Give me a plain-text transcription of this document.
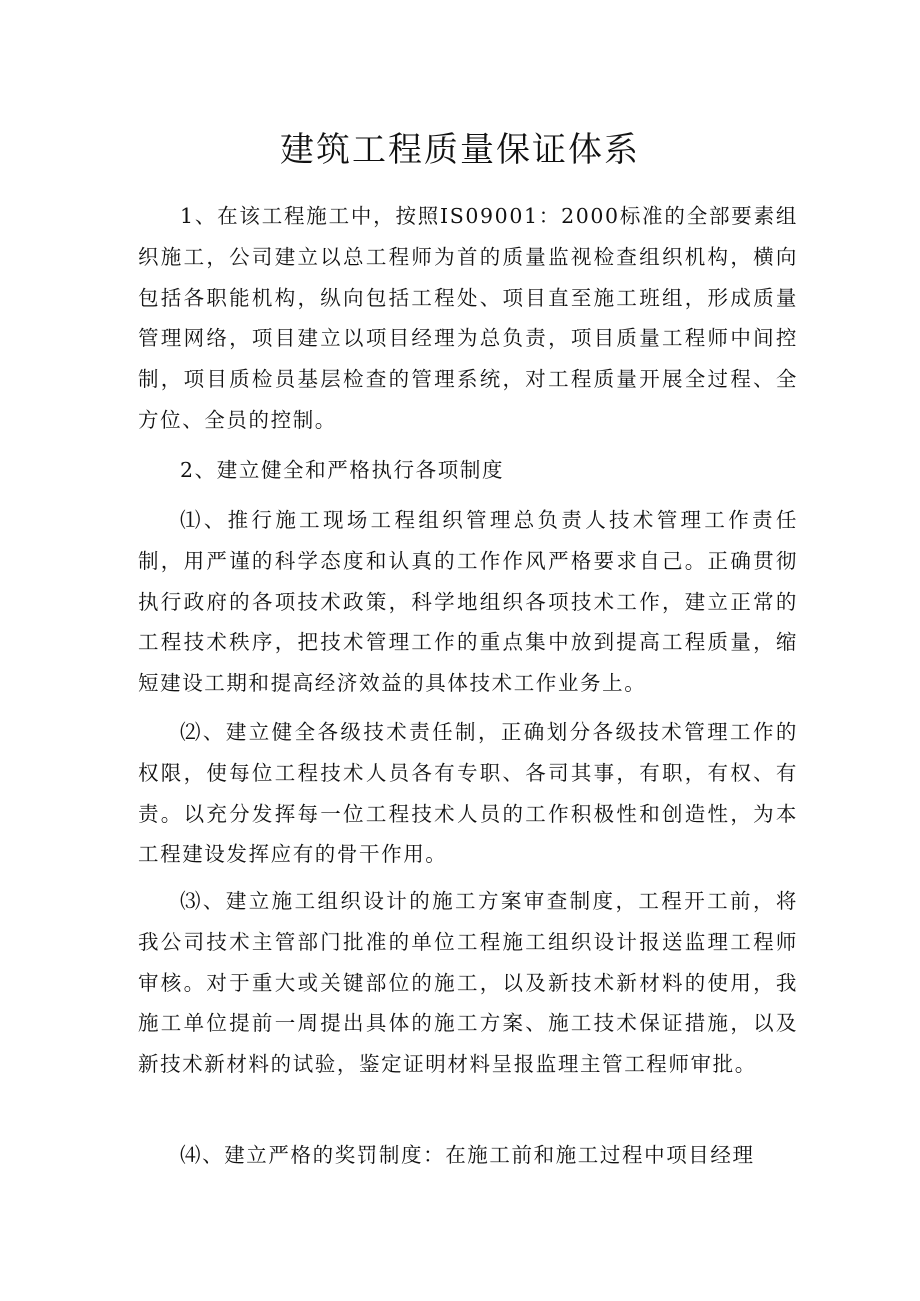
建筑工程质量保证体系

1、在该工程施工中，按照IS09001：2000标准的全部要素组织施工，公司建立以总工程师为首的质量监视检查组织机构，横向包括各职能机构，纵向包括工程处、项目直至施工班组，形成质量管理网络，项目建立以项目经理为总负责，项目质量工程师中间控制，项目质检员基层检查的管理系统，对工程质量开展全过程、全方位、全员的控制。

2、建立健全和严格执行各项制度

⑴、推行施工现场工程组织管理总负责人技术管理工作责任制，用严谨的科学态度和认真的工作作风严格要求自己。正确贯彻执行政府的各项技术政策，科学地组织各项技术工作，建立正常的工程技术秩序，把技术管理工作的重点集中放到提高工程质量，缩短建设工期和提高经济效益的具体技术工作业务上。

⑵、建立健全各级技术责任制，正确划分各级技术管理工作的权限，使每位工程技术人员各有专职、各司其事，有职，有权、有责。以充分发挥每一位工程技术人员的工作积极性和创造性，为本工程建设发挥应有的骨干作用。

⑶、建立施工组织设计的施工方案审查制度，工程开工前，将我公司技术主管部门批准的单位工程施工组织设计报送监理工程师审核。对于重大或关键部位的施工，以及新技术新材料的使用，我施工单位提前一周提出具体的施工方案、施工技术保证措施，以及新技术新材料的试验，鉴定证明材料呈报监理主管工程师审批。

⑷、建立严格的奖罚制度：在施工前和施工过程中项目经理
